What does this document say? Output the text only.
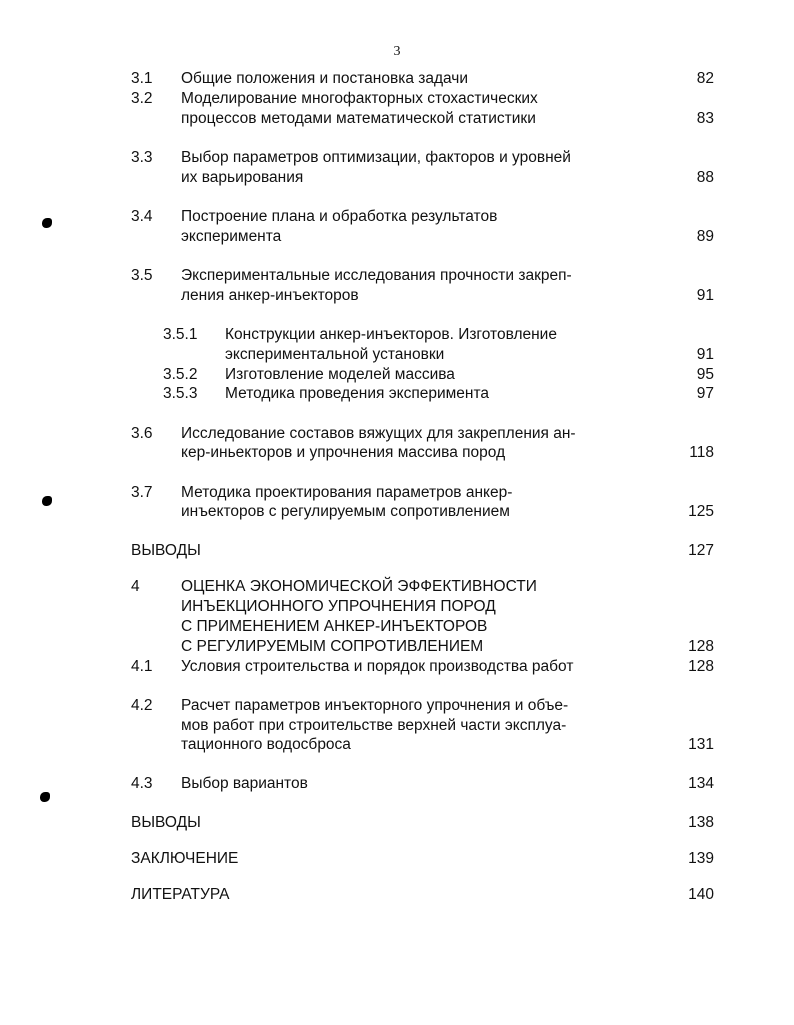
3
3.1 Общие положения и постановка задачи	82
3.2 Моделирование многофакторных стохастических
процессов методами математической статистики	83
3.3 Выбор параметров оптимизации, факторов и уровней
их варьирования	88
3.4 Построение плана и обработка результатов
эксперимента	89
3.5 Экспериментальные исследования прочности закреп-
ления анкер-инъекторов	91
3.5.1 Конструкции анкер-инъекторов. Изготовление
экспериментальной установки	91
3.5.2 Изготовление моделей массива	95
3.5.3 Методика проведения эксперимента	97
3.6 Исследование составов вяжущих для закрепления ан-
кер-иньекторов и упрочнения массива пород	118
3.7 Методика проектирования параметров анкер-
инъекторов с регулируемым сопротивлением	125
ВЫВОДЫ	127
4	ОЦЕНКА ЭКОНОМИЧЕСКОЙ ЭФФЕКТИВНОСТИ
ИНЪЕКЦИОННОГО УПРОЧНЕНИЯ ПОРОД
С ПРИМЕНЕНИЕМ АНКЕР-ИНЪЕКТОРОВ
С РЕГУЛИРУЕМЫМ СОПРОТИВЛЕНИЕМ	128
4.1 Условия строительства и порядок производства работ	128
4.2 Расчет параметров инъекторного упрочнения и объе-
мов работ при строительстве верхней части эксплуа-
тационного водосброса	131
4.3 Выбор вариантов	134
ВЫВОДЫ	138
ЗАКЛЮЧЕНИЕ	139
ЛИТЕРАТУРА	140
